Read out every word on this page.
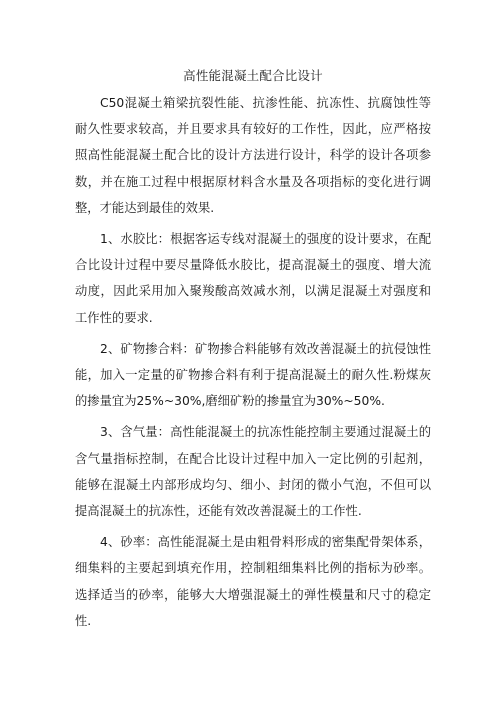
高性能混凝土配合比设计

C50混凝土箱梁抗裂性能、抗渗性能、抗冻性、抗腐蚀性等耐久性要求较高，并且要求具有较好的工作性，因此，应严格按照高性能混凝土配合比的设计方法进行设计，科学的设计各项参数，并在施工过程中根据原材料含水量及各项指标的变化进行调整，才能达到最佳的效果.

1、水胶比：根据客运专线对混凝土的强度的设计要求，在配合比设计过程中要尽量降低水胶比，提高混凝土的强度、增大流动度，因此采用加入聚羧酸高效减水剂，以满足混凝土对强度和工作性的要求.

2、矿物掺合料：矿物掺合料能够有效改善混凝土的抗侵蚀性能，加入一定量的矿物掺合料有利于提高混凝土的耐久性.粉煤灰的掺量宜为25%~30%,磨细矿粉的掺量宜为30%~50%.

3、含气量：高性能混凝土的抗冻性能控制主要通过混凝土的含气量指标控制，在配合比设计过程中加入一定比例的引起剂，能够在混凝土内部形成均匀、细小、封闭的微小气泡，不但可以提高混凝土的抗冻性，还能有效改善混凝土的工作性.

4、砂率：高性能混凝土是由粗骨料形成的密集配骨架体系，细集料的主要起到填充作用，控制粗细集料比例的指标为砂率。选择适当的砂率，能够大大增强混凝土的弹性模量和尺寸的稳定性.
